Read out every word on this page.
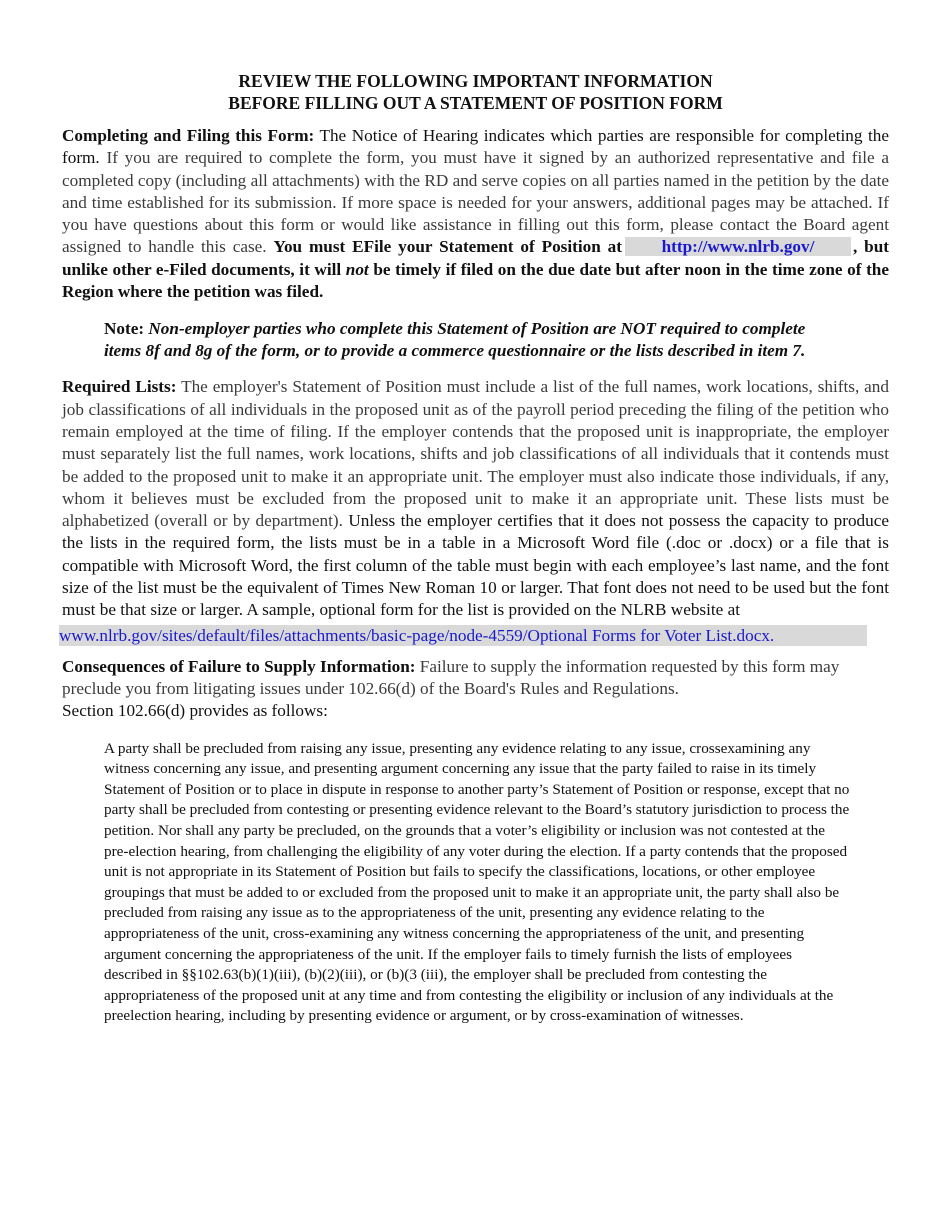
REVIEW THE FOLLOWING IMPORTANT INFORMATION
BEFORE FILLING OUT A STATEMENT OF POSITION FORM

Completing and Filing this Form: The Notice of Hearing indicates which parties are responsible for completing the form. If you are required to complete the form, you must have it signed by an authorized representative and file a completed copy (including all attachments) with the RD and serve copies on all parties named in the petition by the date and time established for its submission. If more space is needed for your answers, additional pages may be attached. If you have questions about this form or would like assistance in filling out this form, please contact the Board agent assigned to handle this case. You must EFile your Statement of Position at http://www.nlrb.gov/ , but unlike other e-Filed documents, it will not be timely if filed on the due date but after noon in the time zone of the Region where the petition was filed.

Note: Non-employer parties who complete this Statement of Position are NOT required to complete items 8f and 8g of the form, or to provide a commerce questionnaire or the lists described in item 7.

Required Lists: The employer's Statement of Position must include a list of the full names, work locations, shifts, and job classifications of all individuals in the proposed unit as of the payroll period preceding the filing of the petition who remain employed at the time of filing. If the employer contends that the proposed unit is inappropriate, the employer must separately list the full names, work locations, shifts and job classifications of all individuals that it contends must be added to the proposed unit to make it an appropriate unit. The employer must also indicate those individuals, if any, whom it believes must be excluded from the proposed unit to make it an appropriate unit. These lists must be alphabetized (overall or by department). Unless the employer certifies that it does not possess the capacity to produce the lists in the required form, the lists must be in a table in a Microsoft Word file (.doc or .docx) or a file that is compatible with Microsoft Word, the first column of the table must begin with each employee’s last name, and the font size of the list must be the equivalent of Times New Roman 10 or larger. That font does not need to be used but the font must be that size or larger. A sample, optional form for the list is provided on the NLRB website at

www.nlrb.gov/sites/default/files/attachments/basic-page/node-4559/Optional Forms for Voter List.docx.

Consequences of Failure to Supply Information: Failure to supply the information requested by this form may preclude you from litigating issues under 102.66(d) of the Board's Rules and Regulations.
Section 102.66(d) provides as follows:

A party shall be precluded from raising any issue, presenting any evidence relating to any issue, crossexamining any witness concerning any issue, and presenting argument concerning any issue that the party failed to raise in its timely Statement of Position or to place in dispute in response to another party’s Statement of Position or response, except that no party shall be precluded from contesting or presenting evidence relevant to the Board’s statutory jurisdiction to process the petition. Nor shall any party be precluded, on the grounds that a voter’s eligibility or inclusion was not contested at the pre-election hearing, from challenging the eligibility of any voter during the election. If a party contends that the proposed unit is not appropriate in its Statement of Position but fails to specify the classifications, locations, or other employee groupings that must be added to or excluded from the proposed unit to make it an appropriate unit, the party shall also be precluded from raising any issue as to the appropriateness of the unit, presenting any evidence relating to the appropriateness of the unit, cross-examining any witness concerning the appropriateness of the unit, and presenting argument concerning the appropriateness of the unit. If the employer fails to timely furnish the lists of employees described in §§102.63(b)(1)(iii), (b)(2)(iii), or (b)(3 (iii), the employer shall be precluded from contesting the appropriateness of the proposed unit at any time and from contesting the eligibility or inclusion of any individuals at the preelection hearing, including by presenting evidence or argument, or by cross-examination of witnesses.
